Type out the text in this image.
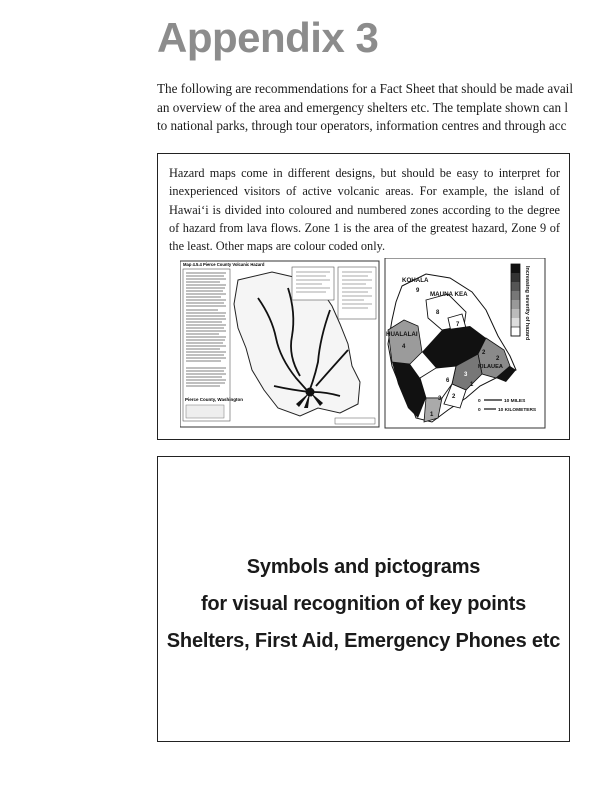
Appendix 3
The following are recommendations for a Fact Sheet that should be made avail
an overview of the area and emergency shelters etc. The template shown can l
to national parks, through tour operators, information centres and through acc

Hazard maps come in different designs, but should be easy to interpret for inexperienced visitors of active volcanic areas. For example, the island of Hawai‘i is divided into coloured and numbered zones according to the degree of hazard from lava flows. Zone 1 is the area of the greatest hazard, Zone 9 of the least. Other maps are colour coded only.

Map 4.5.4 Pierce County Volcanic Hazard
Pierce County, Washington
KOHALA
MAUNA KEA
HUALALAI
KILAUEA
9
8
7
4	3
2
2
6
3
1
3 2
1
0
0
10 MILES
10 KILOMETERS
Increasing severity of hazard
Symbols and pictograms
for visual recognition of key points
Shelters, First Aid, Emergency Phones etc
